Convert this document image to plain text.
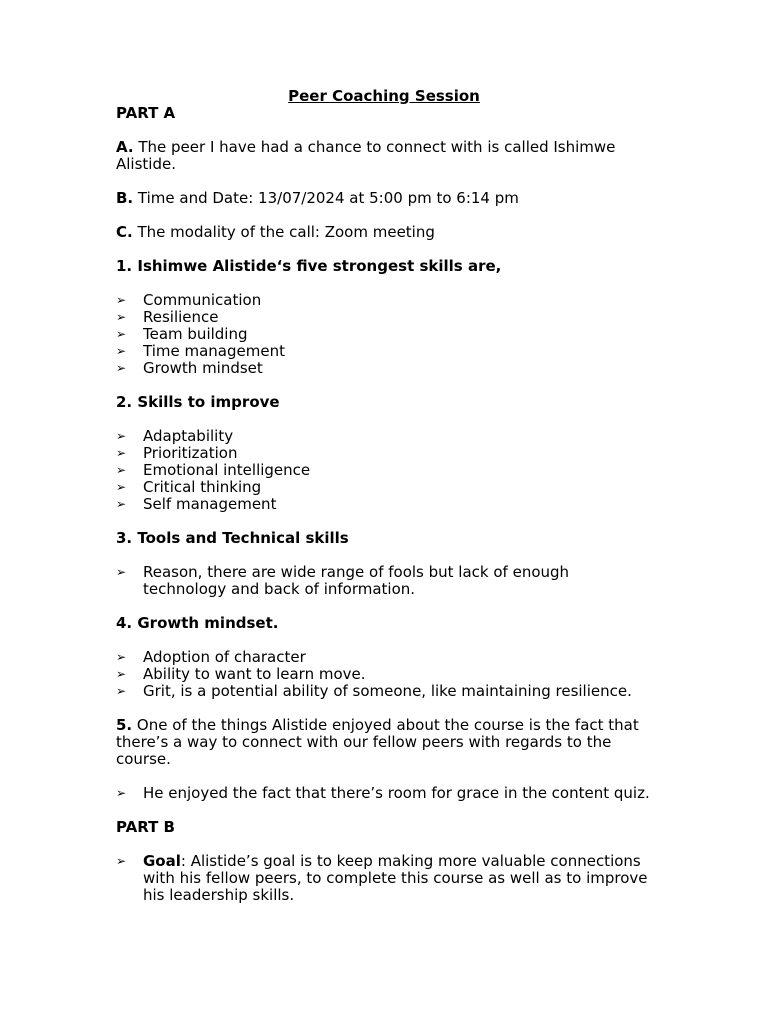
Peer Coaching Session

PART A

A. The peer I have had a chance to connect with is called Ishimwe Alistide.

B. Time and Date: 13/07/2024 at 5:00 pm to 6:14 pm

C. The modality of the call: Zoom meeting

1. Ishimwe Alistide‘s five strongest skills are,

➢ Communication
➢ Resilience
➢ Team building
➢ Time management
➢ Growth mindset

2. Skills to improve

➢ Adaptability
➢ Prioritization
➢ Emotional intelligence
➢ Critical thinking
➢ Self management

3. Tools and Technical skills

➢ Reason, there are wide range of fools but lack of enough technology and back of information.

4. Growth mindset.

➢ Adoption of character
➢ Ability to want to learn move.
➢ Grit, is a potential ability of someone, like maintaining resilience.

5. One of the things Alistide enjoyed about the course is the fact that there’s a way to connect with our fellow peers with regards to the course.

➢ He enjoyed the fact that there’s room for grace in the content quiz.

PART B

➢ Goal: Alistide’s goal is to keep making more valuable connections with his fellow peers, to complete this course as well as to improve his leadership skills.
